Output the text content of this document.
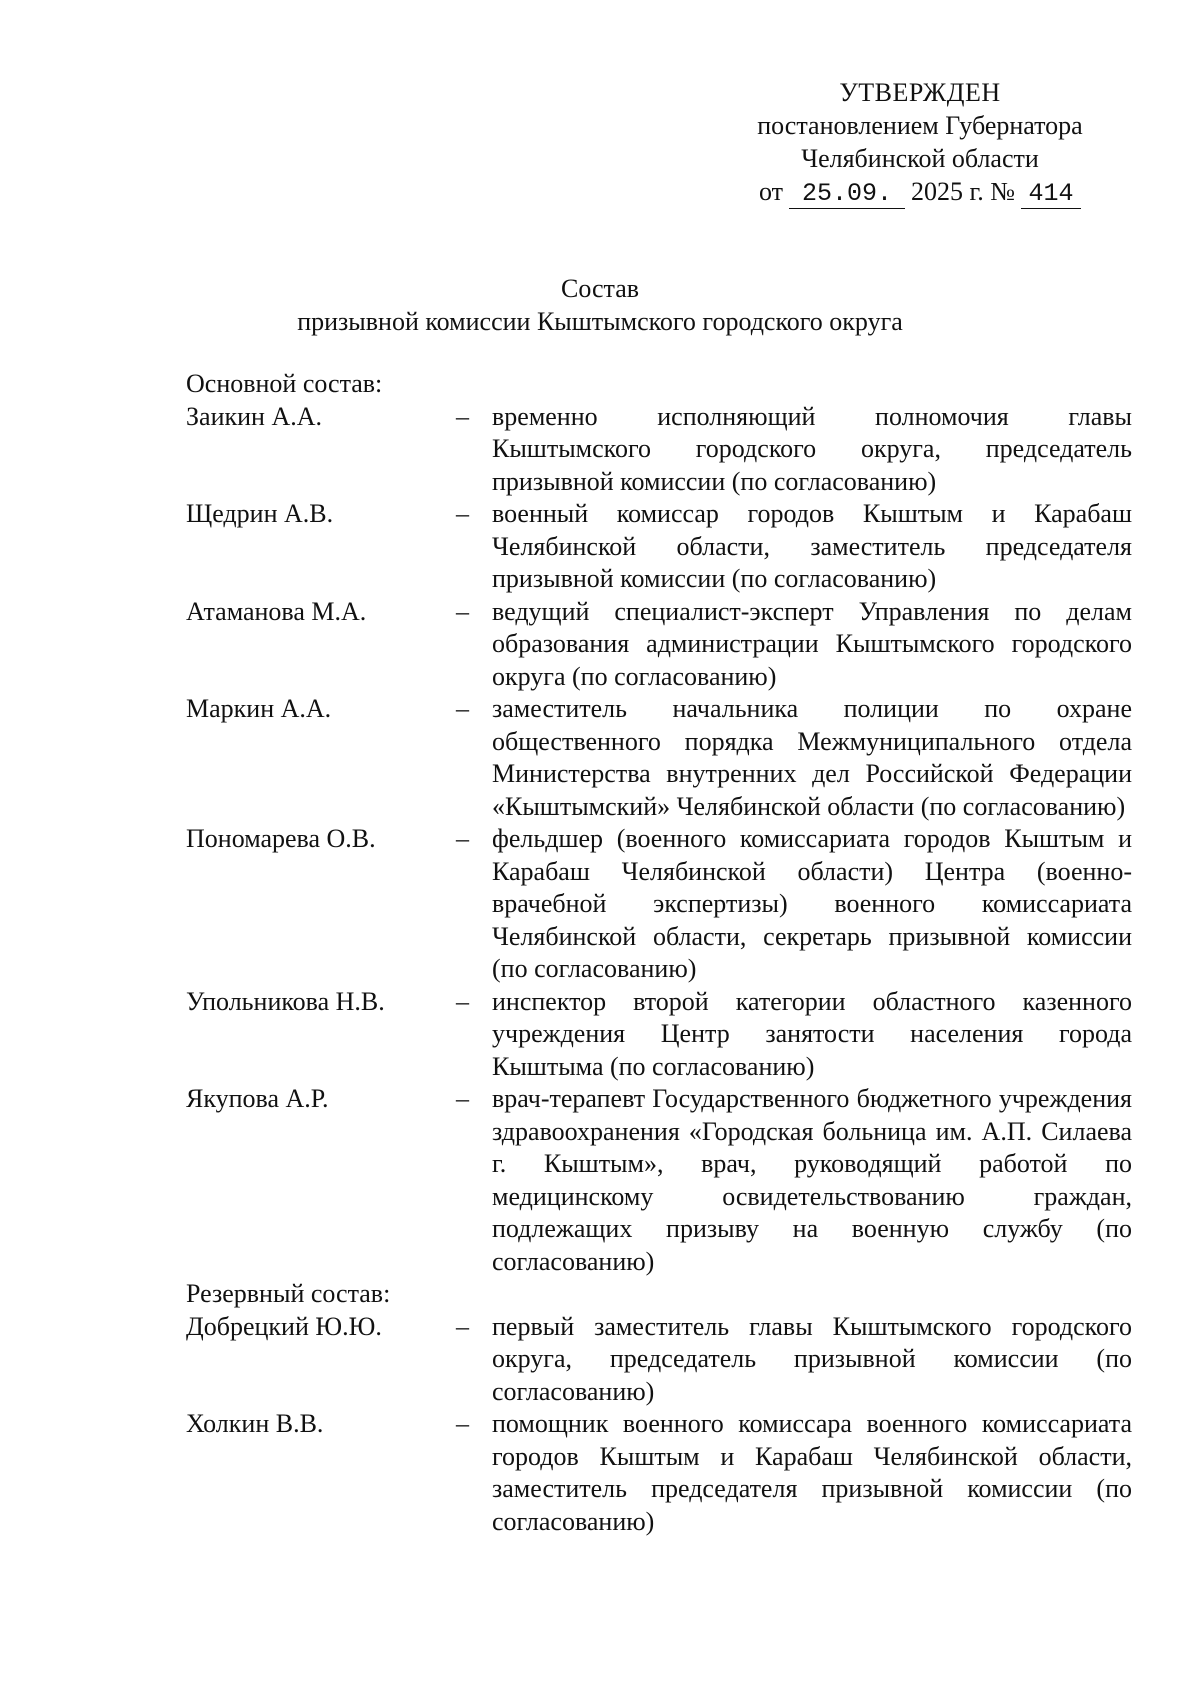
УТВЕРЖДЕН
постановлением Губернатора
Челябинской области
от 25.09. 2025 г. № 414
Состав
призывной комиссии Кыштымского городского округа
Основной состав:
Заикин А.А.	– временно исполняющий полномочия главы Кыштымского городского округа, председатель призывной комиссии (по согласованию)
Щедрин А.В.	– военный комиссар городов Кыштым и Карабаш Челябинской области, заместитель председателя призывной комиссии (по согласованию)
Атаманова М.А.	– ведущий специалист-эксперт Управления по делам образования администрации Кыштымского городского округа (по согласованию)
Маркин А.А.	– заместитель начальника полиции по охране общественного порядка Межмуниципального отдела Министерства внутренних дел Российской Федерации «Кыштымский» Челябинской области (по согласованию)
Пономарева О.В.	– фельдшер (военного комиссариата городов Кыштым и Карабаш Челябинской области) Центра (военно-врачебной экспертизы) военного комиссариата Челябинской области, секретарь призывной комиссии (по согласованию)
Упольникова Н.В.	– инспектор второй категории областного казенного учреждения Центр занятости населения города Кыштыма (по согласованию)
Якупова А.Р.	– врач-терапевт Государственного бюджетного учреждения здравоохранения «Городская больница им. А.П. Силаева г. Кыштым», врач, руководящий работой по медицинскому освидетельствованию граждан, подлежащих призыву на военную службу (по согласованию)
Резервный состав:
Добрецкий Ю.Ю.	– первый заместитель главы Кыштымского городского округа, председатель призывной комиссии (по согласованию)
Холкин В.В.	– помощник военного комиссара военного комиссариата городов Кыштым и Карабаш Челябинской области, заместитель председателя призывной комиссии (по согласованию)
